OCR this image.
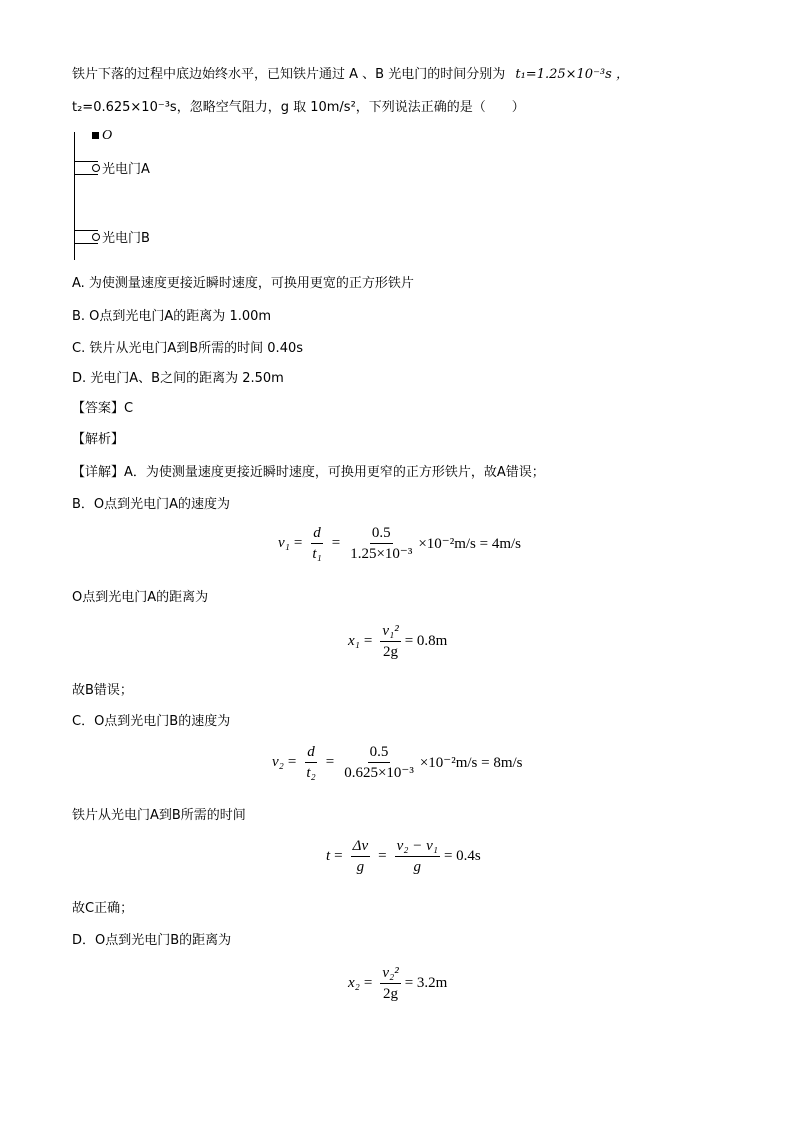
铁片下落的过程中底边始终水平，已知铁片通过 A 、B 光电门的时间分别为 t₁=1.25×10⁻³s ，
t₂=0.625×10⁻³s，忽略空气阻力，g 取 10m/s²，下列说法正确的是（　　）
O
光电门A
光电门B
A. 为使测量速度更接近瞬时速度，可换用更宽的正方形铁片
B. O点到光电门A的距离为 1.00m
C. 铁片从光电门A到B所需的时间 0.40s
D. 光电门A、B之间的距离为 2.50m
【答案】C
【解析】
【详解】A．为使测量速度更接近瞬时速度，可换用更窄的正方形铁片，故A错误；
B．O点到光电门A的速度为
$v_1 = \frac{d}{\text{t₁}} = \frac{0.5}{\text{1.25×10⁻³}} \times 10^{-2}m/s = 4m/s$
O点到光电门A的距离为
$x_1 = \frac{\text{v₁²}}{2g} = 0.8m$
故B错误；
C．O点到光电门B的速度为
$v_2 = \frac{d}{\text{t₂}} = \frac{0.5}{\text{0.625×10⁻³}} \times 10^{-2}m/s = 8m/s$
铁片从光电门A到B所需的时间
$t = \frac{\Delta v}{g} = \frac{\text{v₂ − v₁}}{g} = 0.4s$
故C正确；
D．O点到光电门B的距离为
$x_2 = \frac{\text{v₂²}}{2g} = 3.2m$
